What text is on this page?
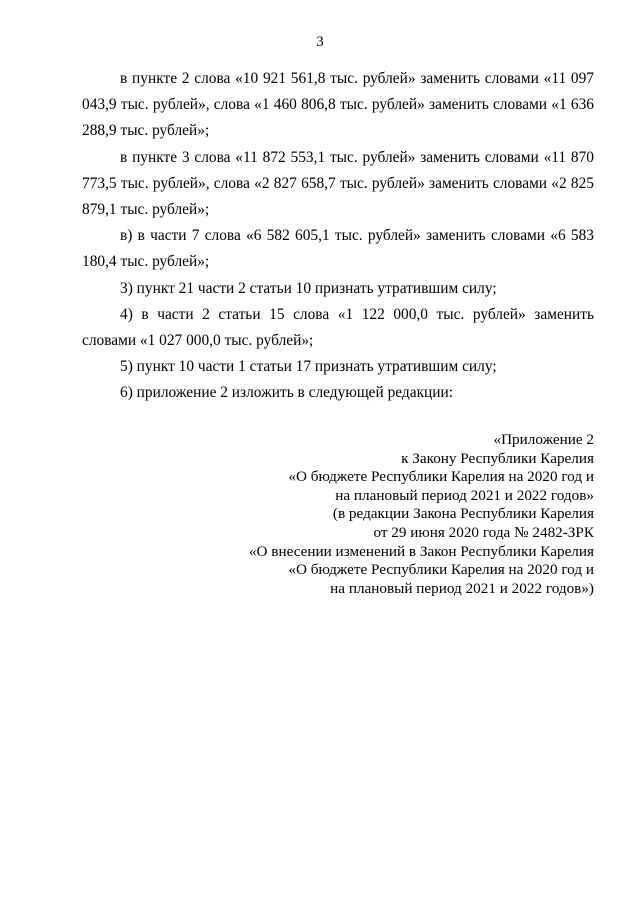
3

в пункте 2 слова «10 921 561,8 тыс. рублей» заменить словами «11 097 043,9 тыс. рублей», слова «1 460 806,8 тыс. рублей» заменить словами «1 636 288,9 тыс. рублей»;

в пункте 3 слова «11 872 553,1 тыс. рублей» заменить словами «11 870 773,5 тыс. рублей», слова «2 827 658,7 тыс. рублей» заменить словами «2 825 879,1 тыс. рублей»;

в) в части 7 слова «6 582 605,1 тыс. рублей» заменить словами «6 583 180,4 тыс. рублей»;

3) пункт 21 части 2 статьи 10 признать утратившим силу;

4) в части 2 статьи 15 слова «1 122 000,0 тыс. рублей» заменить словами «1 027 000,0 тыс. рублей»;

5) пункт 10 части 1 статьи 17 признать утратившим силу;

6) приложение 2 изложить в следующей редакции:

«Приложение 2
к Закону Республики Карелия
«О бюджете Республики Карелия на 2020 год и
на плановый период 2021 и 2022 годов»
(в редакции Закона Республики Карелия
от 29 июня 2020 года № 2482-ЗРК
«О внесении изменений в Закон Республики Карелия
«О бюджете Республики Карелия на 2020 год и
на плановый период 2021 и 2022 годов»)
